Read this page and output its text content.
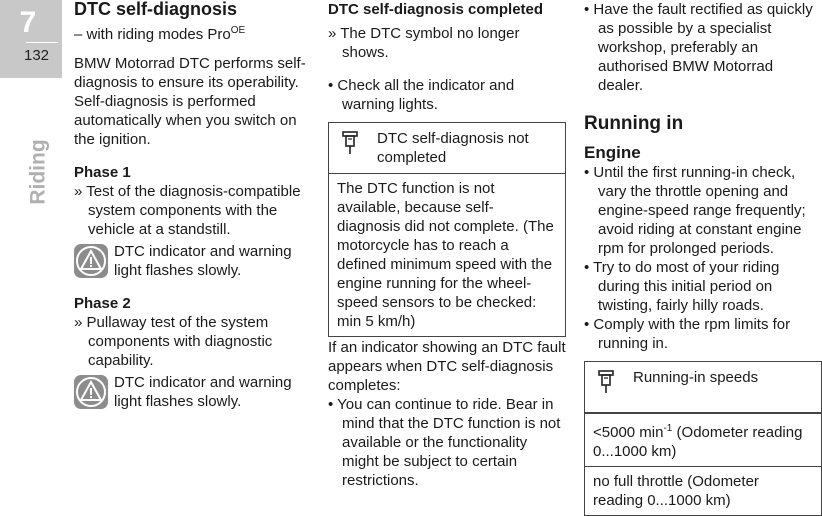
7
132
Riding
DTC self-diagnosis
– with riding modes Pro$^{OE}$
BMW Motorrad DTC performs self-diagnosis to ensure its operability. Self-diagnosis is performed automatically when you switch on the ignition.
Phase 1
» Test of the diagnosis-compatible system components with the vehicle at a standstill.
DTC indicator and warning light flashes slowly.
Phase 2
» Pullaway test of the system components with diagnostic capability.
DTC indicator and warning light flashes slowly.
DTC self-diagnosis completed
» The DTC symbol no longer shows.
• Check all the indicator and warning lights.
DTC self-diagnosis not completed
The DTC function is not available, because self-diagnosis did not complete. (The motorcycle has to reach a defined minimum speed with the engine running for the wheel-speed sensors to be checked: min 5 km/h)
If an indicator showing an DTC fault appears when DTC self-diagnosis completes:
• You can continue to ride. Bear in mind that the DTC function is not available or the functionality might be subject to certain restrictions.
• Have the fault rectified as quickly as possible by a specialist workshop, preferably an authorised BMW Motorrad dealer.
Running in
Engine
• Until the first running-in check, vary the throttle opening and engine-speed range frequently; avoid riding at constant engine rpm for prolonged periods.
• Try to do most of your riding during this initial period on twisting, fairly hilly roads.
• Comply with the rpm limits for running in.
Running-in speeds
<5000 $\min^{-1}$ (Odometer reading 0...1000 km)
no full throttle (Odometer reading 0...1000 km)
